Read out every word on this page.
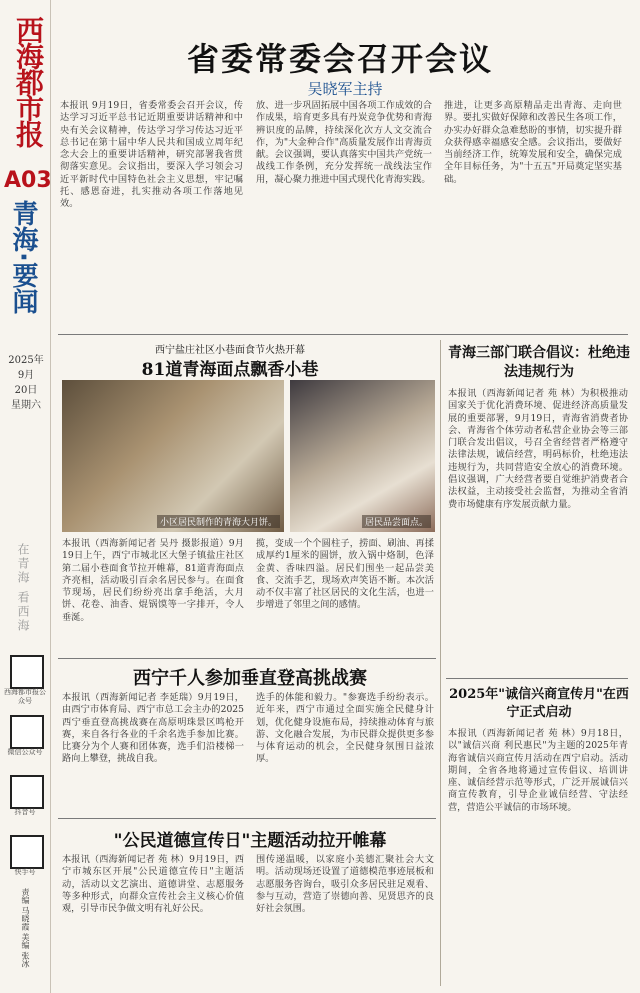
西海都市报
A03
青海·要闻
2025年
9月
20日
星期六
在青海 看西海
西海都市报公众号
微信公众号
抖音号
快手号
责编 马晓霞 美编 张冰
省委常委会召开会议
吴晓军主持
本报讯 9月19日，省委常委会召开会议，传达学习习近平总书记近期重要讲话精神和中央有关会议精神，传达学习学习传达习近平总书记在第十届中华人民共和国成立周年纪念大会上的重要讲话精神，研究部署我省贯彻落实意见。会议指出，要深入学习领会习近平新时代中国特色社会主义思想，牢记嘱托、感恩奋进，扎实推动各项工作落地见效。
放、进一步巩固拓展中国各项工作成效的合作成果，培育更多具有丹炭竞争优势和青海辨识度的品牌，持续深化次方人文交流合作，为"大金种合作"高质量发展作出青海贡献。会议强调，要认真落实中国共产党统一战线工作条例，充分发挥统一战线法宝作用，凝心聚力推进中国式现代化青海实践。
推进，让更多高原精品走出青海、走向世界。要扎实做好保障和改善民生各项工作，办实办好群众急难愁盼的事情，切实提升群众获得感幸福感安全感。会议指出，要做好当前经济工作，统筹发展和安全，确保完成全年目标任务，为"十五五"开局奠定坚实基础。
西宁盐庄社区小巷面食节火热开幕
81道青海面点飘香小巷
小区居民制作的青海大月饼。	居民品尝面点。
本报讯（西海新闻记者 吴丹 摄影报道）9月19日上午，西宁市城北区大堡子镇盐庄社区第二届小巷面食节拉开帷幕，81道青海面点齐亮相，活动吸引百余名居民参与。在面食节现场，居民们纷纷亮出拿手绝活，大月饼、花卷、油香、焜锅馍等一字排开，令人垂涎。
揽，变成一个个圆柱子，捞面、刷油、再揉成厚约1厘米的圆饼，放入锅中烙制，色泽金黄、香味四溢。居民们围坐一起品尝美食、交流手艺，现场欢声笑语不断。本次活动不仅丰富了社区居民的文化生活，也进一步增进了邻里之间的感情。
西宁千人参加垂直登高挑战赛
本报讯（西海新闻记者 李延瑞）9月19日，由西宁市体育局、西宁市总工会主办的2025西宁垂直登高挑战赛在高原明珠景区鸣枪开赛，来自各行各业的千余名选手参加比赛。比赛分为个人赛和团体赛，选手们沿楼梯一路向上攀登，挑战自我。
选手的体能和毅力。"参赛选手纷纷表示。近年来，西宁市通过全面实施全民健身计划，优化健身设施布局，持续推动体育与旅游、文化融合发展，为市民群众提供更多参与体育运动的机会，全民健身氛围日益浓厚。
"公民道德宣传日"主题活动拉开帷幕
本报讯（西海新闻记者 苑 林）9月19日，西宁市城东区开展"公民道德宣传日"主题活动，活动以文艺演出、道德讲堂、志愿服务等多种形式，向群众宣传社会主义核心价值观，引导市民争做文明有礼好公民。
围传递温暖，以家庭小美德汇聚社会大文明。活动现场还设置了道德模范事迹展板和志愿服务咨询台，吸引众多居民驻足观看、参与互动，营造了崇德向善、见贤思齐的良好社会氛围。
青海三部门联合倡议：杜绝违法违规行为
本报讯（西海新闻记者 苑 林）为积极推动国家关于优化消费环境、促进经济高质量发展的重要部署，9月19日，青海省消费者协会、青海省个体劳动者私营企业协会等三部门联合发出倡议，号召全省经营者严格遵守法律法规，诚信经营，明码标价，杜绝违法违规行为，共同营造安全放心的消费环境。倡议强调，广大经营者要自觉维护消费者合法权益，主动接受社会监督，为推动全省消费市场健康有序发展贡献力量。
2025年"诚信兴商宣传月"在西宁正式启动
本报讯（西海新闻记者 苑 林）9月18日，以"诚信兴商 利民惠民"为主题的2025年青海省诚信兴商宣传月活动在西宁启动。活动期间，全省各地将通过宣传倡议、培训讲座、诚信经营示范等形式，广泛开展诚信兴商宣传教育，引导企业诚信经营、守法经营，营造公平诚信的市场环境。
